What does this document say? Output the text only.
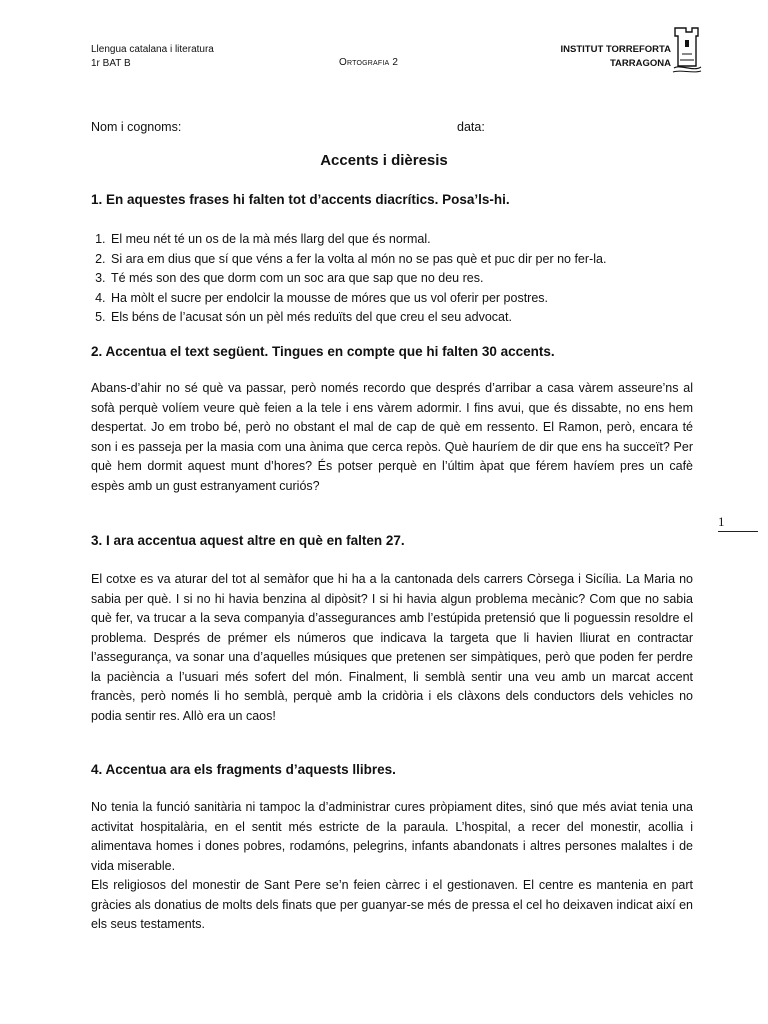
Llengua catalana i literatura
1r BAT B	Ortografia 2
INSTITUT TORREFORTA
TARRAGONA
Nom i cognoms:	data:
Accents i dièresis
1. En aquestes frases hi falten tot d’accents diacrítics. Posa’ls-hi.
1. El meu nét té un os de la mà més llarg del que és normal.
2. Si ara em dius que sí que véns a fer la volta al món no se pas què et puc dir per no fer-la.
3. Té més son des que dorm com un soc ara que sap que no deu res.
4. Ha mòlt el sucre per endolcir la mousse de móres que us vol oferir per postres.
5. Els béns de l’acusat són un pèl més reduïts del que creu el seu advocat.
2. Accentua el text següent. Tingues en compte que hi falten 30 accents.

Abans-d’ahir no sé què va passar, però només recordo que després d’arribar a casa vàrem asseure’ns al sofà perquè volíem veure què feien a la tele i ens vàrem adormir. I fins avui, que és dissabte, no ens hem despertat. Jo em trobo bé, però no obstant el mal de cap de què em ressento. El Ramon, però, encara té son i es passeja per la masia com una ànima que cerca repòs. Què hauríem de dir que ens ha succeït? Per què hem dormit aquest munt d’hores? És potser perquè en l’últim àpat que férem havíem pres un cafè espès amb un gust estranyament curiós?

3. I ara accentua aquest altre en què en falten 27.

El cotxe es va aturar del tot al semàfor que hi ha a la cantonada dels carrers Còrsega i Sicília. La Maria no sabia per què. I si no hi havia benzina al dipòsit? I si hi havia algun problema mecànic? Com que no sabia què fer, va trucar a la seva companyia d’assegurances amb l’estúpida pretensió que li poguessin resoldre el problema. Després de prémer els números que indicava la targeta que li havien lliurat en contractar l’assegurança, va sonar una d’aquelles músiques que pretenen ser simpàtiques, però que poden fer perdre la paciència a l’usuari més sofert del món. Finalment, li semblà sentir una veu amb un marcat accent francès, però només li ho semblà, perquè amb la cridòria i els clàxons dels conductors dels vehicles no podia sentir res. Allò era un caos!

4. Accentua ara els fragments d’aquests llibres.
No tenia la funció sanitària ni tampoc la d’administrar cures pròpiament dites, sinó que més aviat tenia una activitat hospitalària, en el sentit més estricte de la paraula. L’hospital, a recer del monestir, acollia i alimentava homes i dones pobres, rodamóns, pelegrins, infants abandonats i altres persones malaltes i de vida miserable.
Els religiosos del monestir de Sant Pere se’n feien càrrec i el gestionaven. El centre es mantenia en part gràcies als donatius de molts dels finats que per guanyar-se més de pressa el cel ho deixaven indicat així en els seus testaments.
1
